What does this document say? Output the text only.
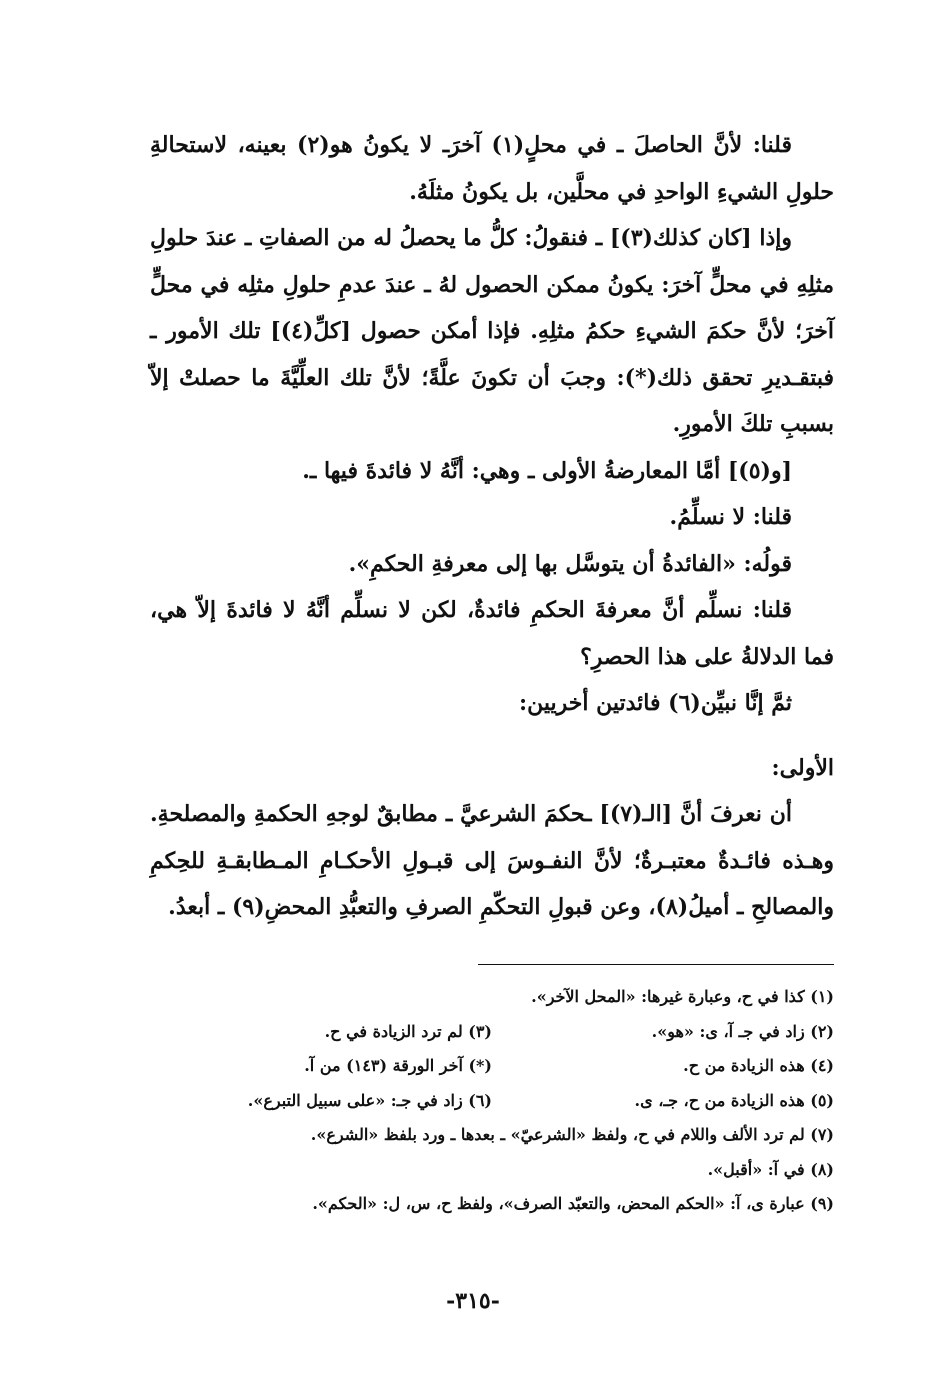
قلنا: لأنَّ الحاصلَ ـ في محلٍ(١) آخرَـ لا يكونُ هو(٢) بعينه، لاستحالةِ حلولِ الشيءِ الواحدِ في محلَّين، بل يكونُ مثلَهُ.

وإذا [كان كذلك(٣)] ـ فنقولُ: كلُّ ما يحصلُ له من الصفاتِ ـ عندَ حلولِ مثلِهِ في محلٍّ آخرَ: يكونُ ممكن الحصول لهُ ـ عندَ عدمِ حلولِ مثلِه في محلٍّ آخرَ؛ لأنَّ حكمَ الشيءِ حكمُ مثلِهِ. فإذا أمكن حصول [كلِّ(٤)] تلك الأمور ـ فبتقـديرِ تحقق ذلك(*): وجبَ أن تكونَ علَّةً؛ لأنَّ تلك العلِّيَّةَ ما حصلتْ إلاّ بسببِ تلكَ الأمورِ.

[و(٥)] أمَّا المعارضةُ الأولى ـ وهي: أنَّهُ لا فائدةَ فيها ـ.

قلنا: لا نسلِّمُ.

قولُه: «الفائدةُ أن يتوسَّل بها إلى معرفةِ الحكمِ».

قلنا: نسلِّم أنَّ معرفةَ الحكمِ فائدةٌ، لكن لا نسلِّم أنَّهُ لا فائدةَ إلاّ هي، فما الدلالةُ على هذا الحصرِ؟

ثمَّ إنَّا نبيِّن(٦) فائدتين أخريين:

الأولى:

أن نعرفَ أنَّ [الـ(٧)] ـحكمَ الشرعيَّ ـ مطابقٌ لوجهِ الحكمةِ والمصلحةِ. وهـذه فائـدةٌ معتبـرةٌ؛ لأنَّ النفـوسَ إلى قبـولِ الأحكـامِ المـطابقـةِ للحِكمِ والمصالحِ ـ أميلُ(٨)، وعن قبولِ التحكّمِ الصرفِ والتعبُّدِ المحضِ(٩) ـ أبعدُ.

(١) كذا في ح، وعبارة غيرها: «المحل الآخر».
(٢) زاد في جـ آ، ى: «هو».
(٣) لم ترد الزيادة في ح.
(٤) هذه الزيادة من ح.
(*) آخر الورقة (١٤٣) من آ.
(٥) هذه الزيادة من ح، جـ، ى.
(٦) زاد في جـ: «على سبيل التبرع».
(٧) لم ترد الألف واللام في ح، ولفظ «الشرعيّ» ـ بعدها ـ ورد بلفظ «الشرع».
(٨) في آ: «أقبل».
(٩) عبارة ى، آ: «الحكم المحض، والتعبّد الصرف»، ولفظ ح، س، ل: «الحكم».
-٣١٥-
